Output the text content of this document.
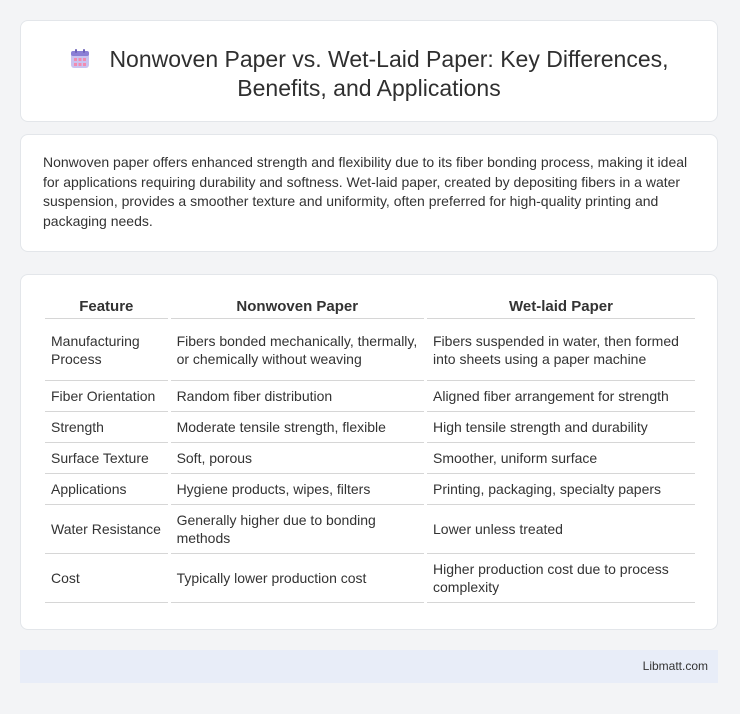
Nonwoven Paper vs. Wet-Laid Paper: Key Differences, Benefits, and Applications

Nonwoven paper offers enhanced strength and flexibility due to its fiber bonding process, making it ideal for applications requiring durability and softness. Wet-laid paper, created by depositing fibers in a water suspension, provides a smoother texture and uniformity, often preferred for high-quality printing and packaging needs.

Feature	Nonwoven Paper	Wet-laid Paper
Manufacturing Process	Fibers bonded mechanically, thermally, or chemically without weaving	Fibers suspended in water, then formed into sheets using a paper machine
Fiber Orientation	Random fiber distribution	Aligned fiber arrangement for strength
Strength	Moderate tensile strength, flexible	High tensile strength and durability
Surface Texture	Soft, porous	Smoother, uniform surface
Applications	Hygiene products, wipes, filters	Printing, packaging, specialty papers
Water Resistance	Generally higher due to bonding methods	Lower unless treated
Cost	Typically lower production cost	Higher production cost due to process complexity
Libmatt.com
